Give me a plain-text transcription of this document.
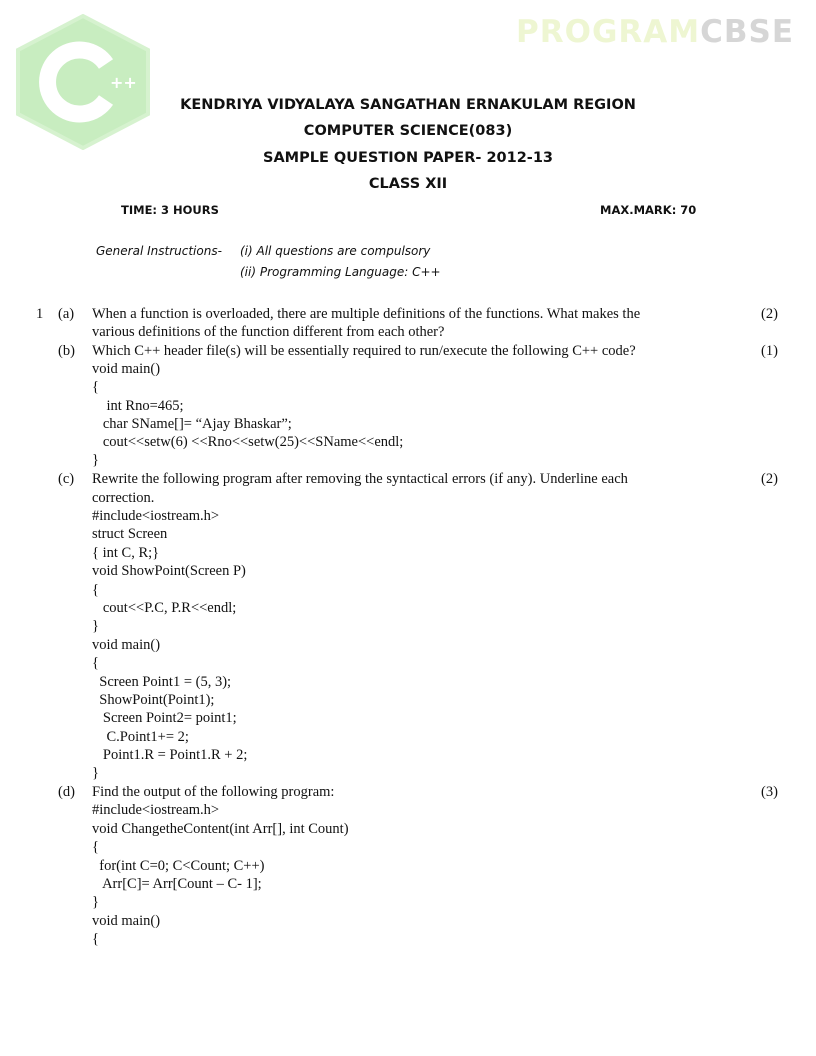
++
PROGRAMCBSE
KENDRIYA VIDYALAYA SANGATHAN ERNAKULAM REGION
COMPUTER SCIENCE(083)
SAMPLE QUESTION PAPER- 2012-13
CLASS XII
TIME: 3 HOURS	MAX.MARK: 70
General Instructions- (i) All questions are compulsory
(ii) Programming Language: C++
1 (a)	(2)
When a function is overloaded, there are multiple definitions of the functions. What makes the
various definitions of the function different from each other?
(b)	(1)
Which C++ header file(s) will be essentially required to run/execute the following C++ code?
void main()
{
int Rno=465;
char SName[]= “Ajay Bhaskar”;
cout<<setw(6) <<Rno<<setw(25)<<SName<<endl;
}
(c)	(2)
Rewrite the following program after removing the syntactical errors (if any). Underline each
correction.
#include<iostream.h>
struct Screen
{ int C, R;}
void ShowPoint(Screen P)
{
cout<<P.C, P.R<<endl;
}
void main()
{
Screen Point1 = (5, 3);
ShowPoint(Point1);
Screen Point2= point1;
C.Point1+= 2;
Point1.R = Point1.R + 2;
}
(d)	(3)
Find the output of the following program:
#include<iostream.h>
void ChangetheContent(int Arr[], int Count)
{
for(int C=0; C<Count; C++)
Arr[C]= Arr[Count – C- 1];
}
void main()
{
